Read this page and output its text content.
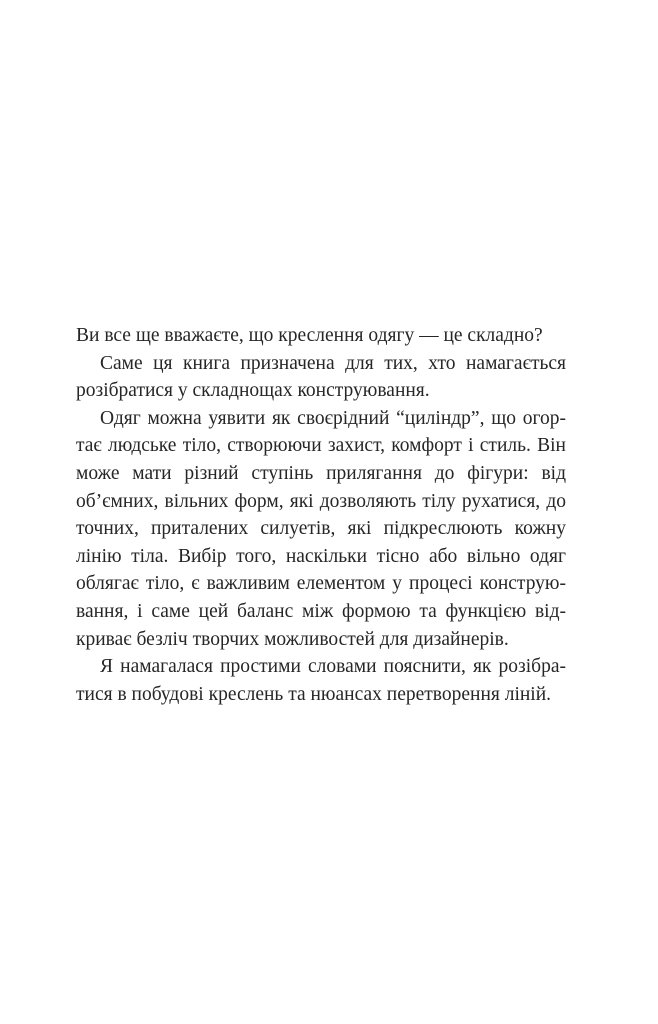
Ви все ще вважаєте, що креслення одягу — це складно?
Саме ця книга призначена для тих, хто намагається
розібратися у складнощах конструювання.
Одяг можна уявити як своєрідний “циліндр”, що огор-
тає людське тіло, створюючи захист, комфорт і стиль. Він
може мати різний ступінь прилягання до фігури: від
об’ємних, вільних форм, які дозволяють тілу рухатися, до
точних, приталених силуетів, які підкреслюють кожну
лінію тіла. Вибір того, наскільки тісно або вільно одяг
облягає тіло, є важливим елементом у процесі конструю-
вання, і саме цей баланс між формою та функцією від-
криває безліч творчих можливостей для дизайнерів.
Я намагалася простими словами пояснити, як розібра-
тися в побудові креслень та нюансах перетворення ліній.
